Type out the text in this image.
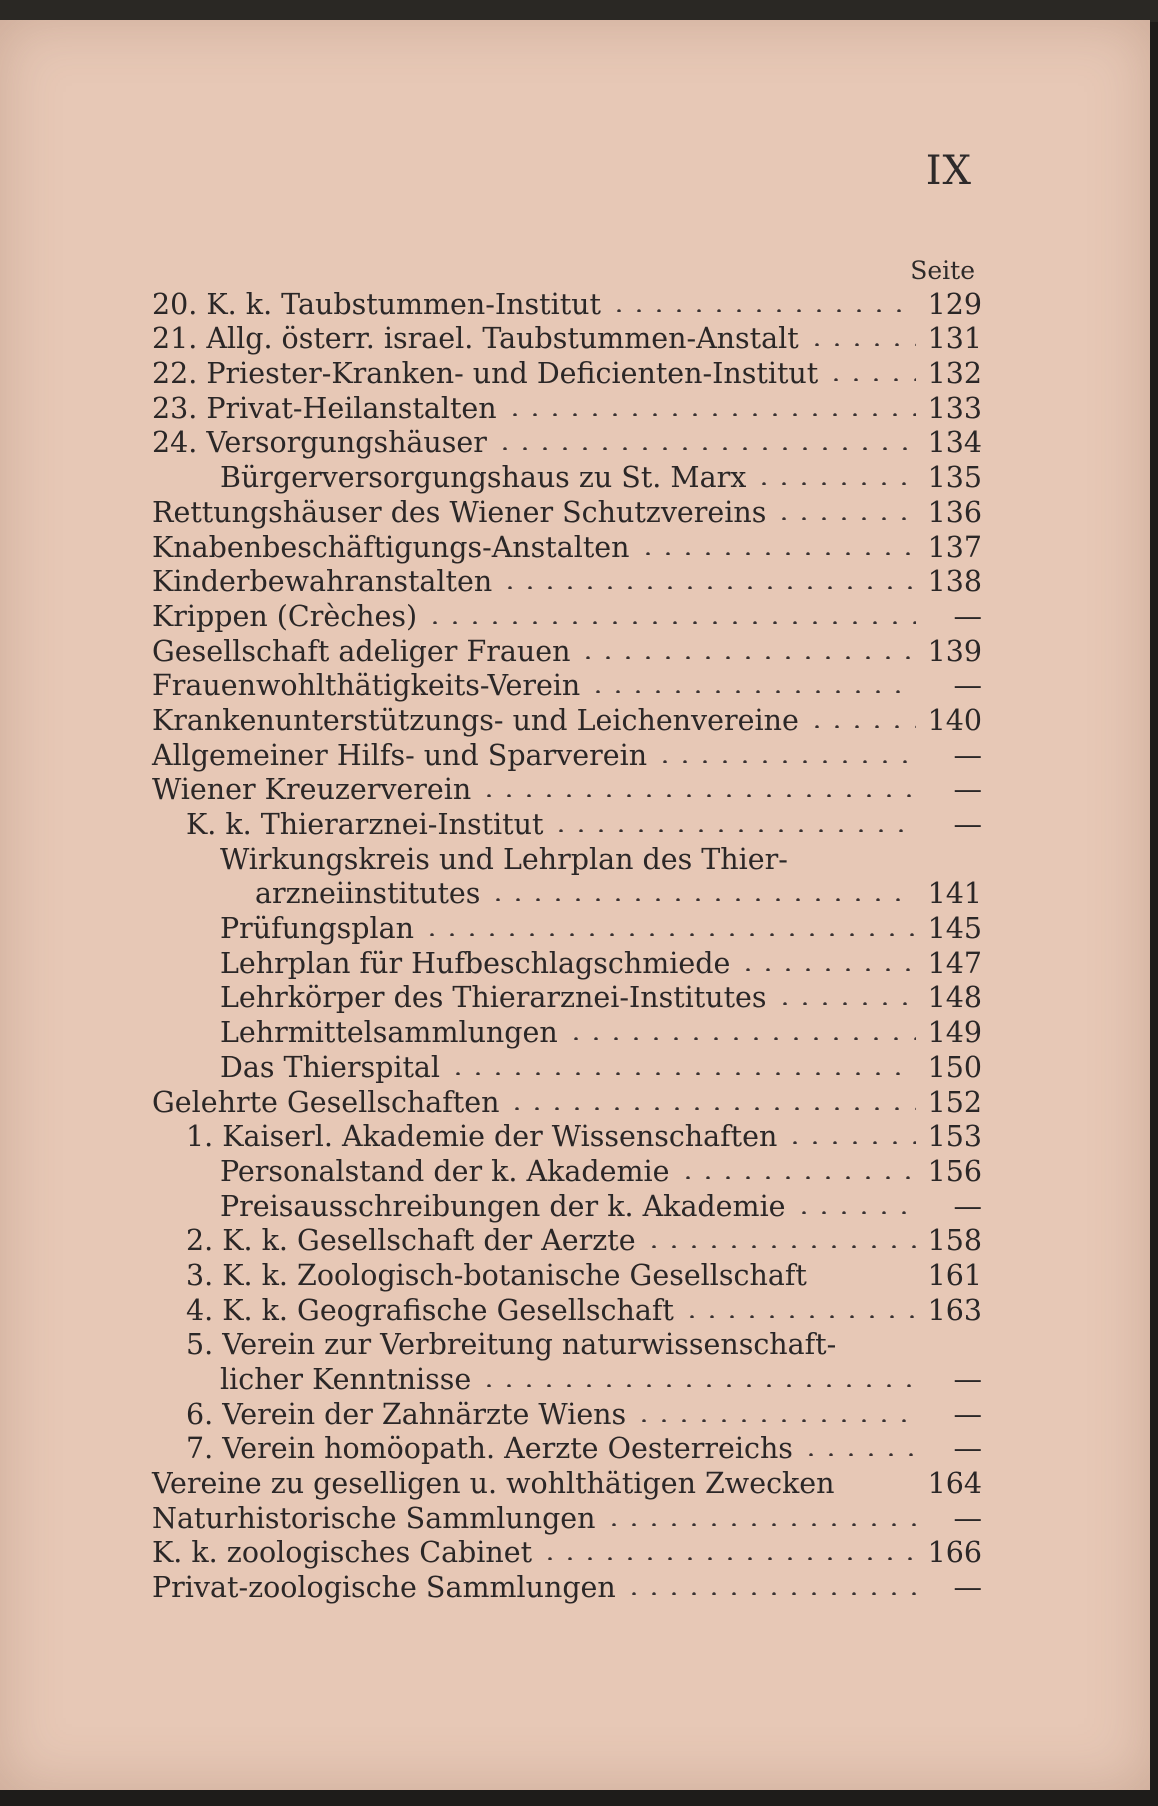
IX
Seite
20. K. k. Taubstummen-Institut	129
21. Allg. österr. israel. Taubstummen-Anstalt	131
22. Priester-Kranken- und Deficienten-Institut	132
23. Privat-Heilanstalten	133
24. Versorgungshäuser	134
Bürgerversorgungshaus zu St. Marx	135
Rettungshäuser des Wiener Schutzvereins	136
Knabenbeschäftigungs-Anstalten	137
Kinderbewahranstalten	138
Krippen (Crèches)	—
Gesellschaft adeliger Frauen	139
Frauenwohlthätigkeits-Verein	—
Krankenunterstützungs- und Leichenvereine	140
Allgemeiner Hilfs- und Sparverein	—
Wiener Kreuzerverein	—
K. k. Thierarznei-Institut	—
Wirkungskreis und Lehrplan des Thier-
arzneiinstitutes	141
Prüfungsplan	145
Lehrplan für Hufbeschlagschmiede	147
Lehrkörper des Thierarznei-Institutes	148
Lehrmittelsammlungen	149
Das Thierspital	150
Gelehrte Gesellschaften	152
1. Kaiserl. Akademie der Wissenschaften	153
Personalstand der k. Akademie	156
Preisausschreibungen der k. Akademie	—
2. K. k. Gesellschaft der Aerzte	158
3. K. k. Zoologisch-botanische Gesellschaft	161
4. K. k. Geografische Gesellschaft	163
5. Verein zur Verbreitung naturwissenschaft-
licher Kenntnisse	—
6. Verein der Zahnärzte Wiens	—
7. Verein homöopath. Aerzte Oesterreichs	—
Vereine zu geselligen u. wohlthätigen Zwecken	164
Naturhistorische Sammlungen	—
K. k. zoologisches Cabinet	166
Privat-zoologische Sammlungen	—
